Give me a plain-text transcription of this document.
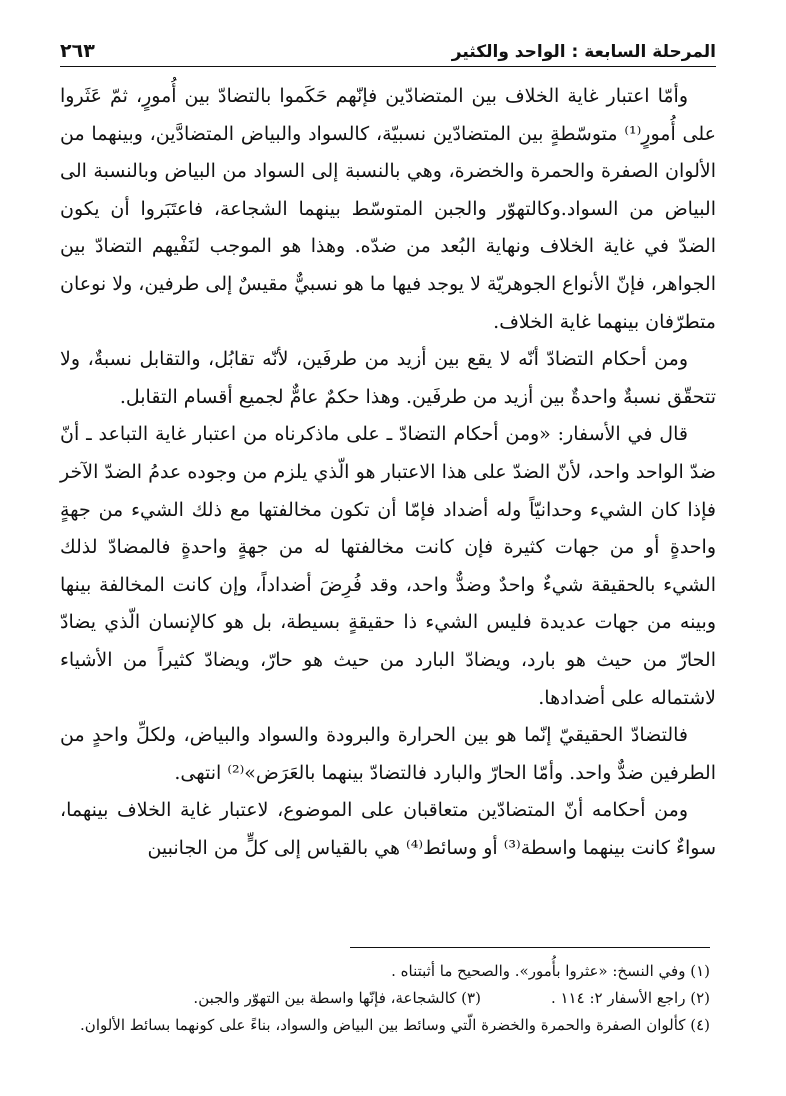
المرحلة السابعة : الواحد والكثير
٢٦٣

وأمّا اعتبار غاية الخلاف بين المتضادّين فإنّهم حَكَموا بالتضادّ بين أُمورٍ، ثمّ عَثَروا على أُمورٍ⁽¹⁾ متوسّطةٍ بين المتضادّين نسبيّة، كالسواد والبياض المتضادَّين، وبينهما من الألوان الصفرة والحمرة والخضرة، وهي بالنسبة إلى السواد من البياض وبالنسبة الى البياض من السواد.وكالتهوّر والجبن المتوسّط بينهما الشجاعة، فاعتَبَروا أن يكون الضدّ في غاية الخلاف ونهاية البُعد من ضدّه. وهذا هو الموجب لنَفْيهم التضادّ بين الجواهر، فإنّ الأنواع الجوهريّة لا يوجد فيها ما هو نسبيٌّ مقيسٌ إلى طرفين، ولا نوعان متطرّفان بينهما غاية الخلاف.

ومن أحكام التضادّ أنّه لا يقع بين أزيد من طرفَين، لأنّه تقابُل، والتقابل نسبةٌ، ولا تتحقّق نسبةٌ واحدةٌ بين أزيد من طرفَين. وهذا حكمٌ عامٌّ لجميع أقسام التقابل.

قال في الأسفار: «ومن أحكام التضادّ ـ على ماذكرناه من اعتبار غاية التباعد ـ أنّ ضدّ الواحد واحد، لأنّ الضدّ على هذا الاعتبار هو الّذي يلزم من وجوده عدمُ الضدّ الآخر فإذا كان الشيء وحدانيّاً وله أضداد فإمّا أن تكون مخالفتها مع ذلك الشيء من جهةٍ واحدةٍ أو من جهات كثيرة فإن كانت مخالفتها له من جهةٍ واحدةٍ فالمضادّ لذلك الشيء بالحقيقة شيءٌ واحدٌ وضدٌّ واحد، وقد فُرِضَ أضداداً، وإن كانت المخالفة بينها وبينه من جهات عديدة فليس الشيء ذا حقيقةٍ بسيطة، بل هو كالإنسان الّذي يضادّ الحارّ من حيث هو بارد، ويضادّ البارد من حيث هو حارّ، ويضادّ كثيراً من الأشياء لاشتماله على أضدادها.

فالتضادّ الحقيقيّ إنّما هو بين الحرارة والبرودة والسواد والبياض، ولكلِّ واحدٍ من الطرفين ضدٌّ واحد. وأمّا الحارّ والبارد فالتضادّ بينهما بالعَرَض»⁽²⁾ انتهى.

ومن أحكامه أنّ المتضادّين متعاقبان على الموضوع، لاعتبار غاية الخلاف بينهما، سواءٌ كانت بينهما واسطة⁽³⁾ أو وسائط⁽⁴⁾ هي بالقياس إلى كلٍّ من الجانبين

(١) وفي النسخ: «عثروا بأُمور». والصحيح ما أثبتناه .

(٢) راجع الأسفار ٢: ١١٤ .

(٣) كالشجاعة، فإنّها واسطة بين التهوّر والجبن.

(٤) كألوان الصفرة والحمرة والخضرة الّتي وسائط بين البياض والسواد، بناءً على كونهما بسائط الألوان.
